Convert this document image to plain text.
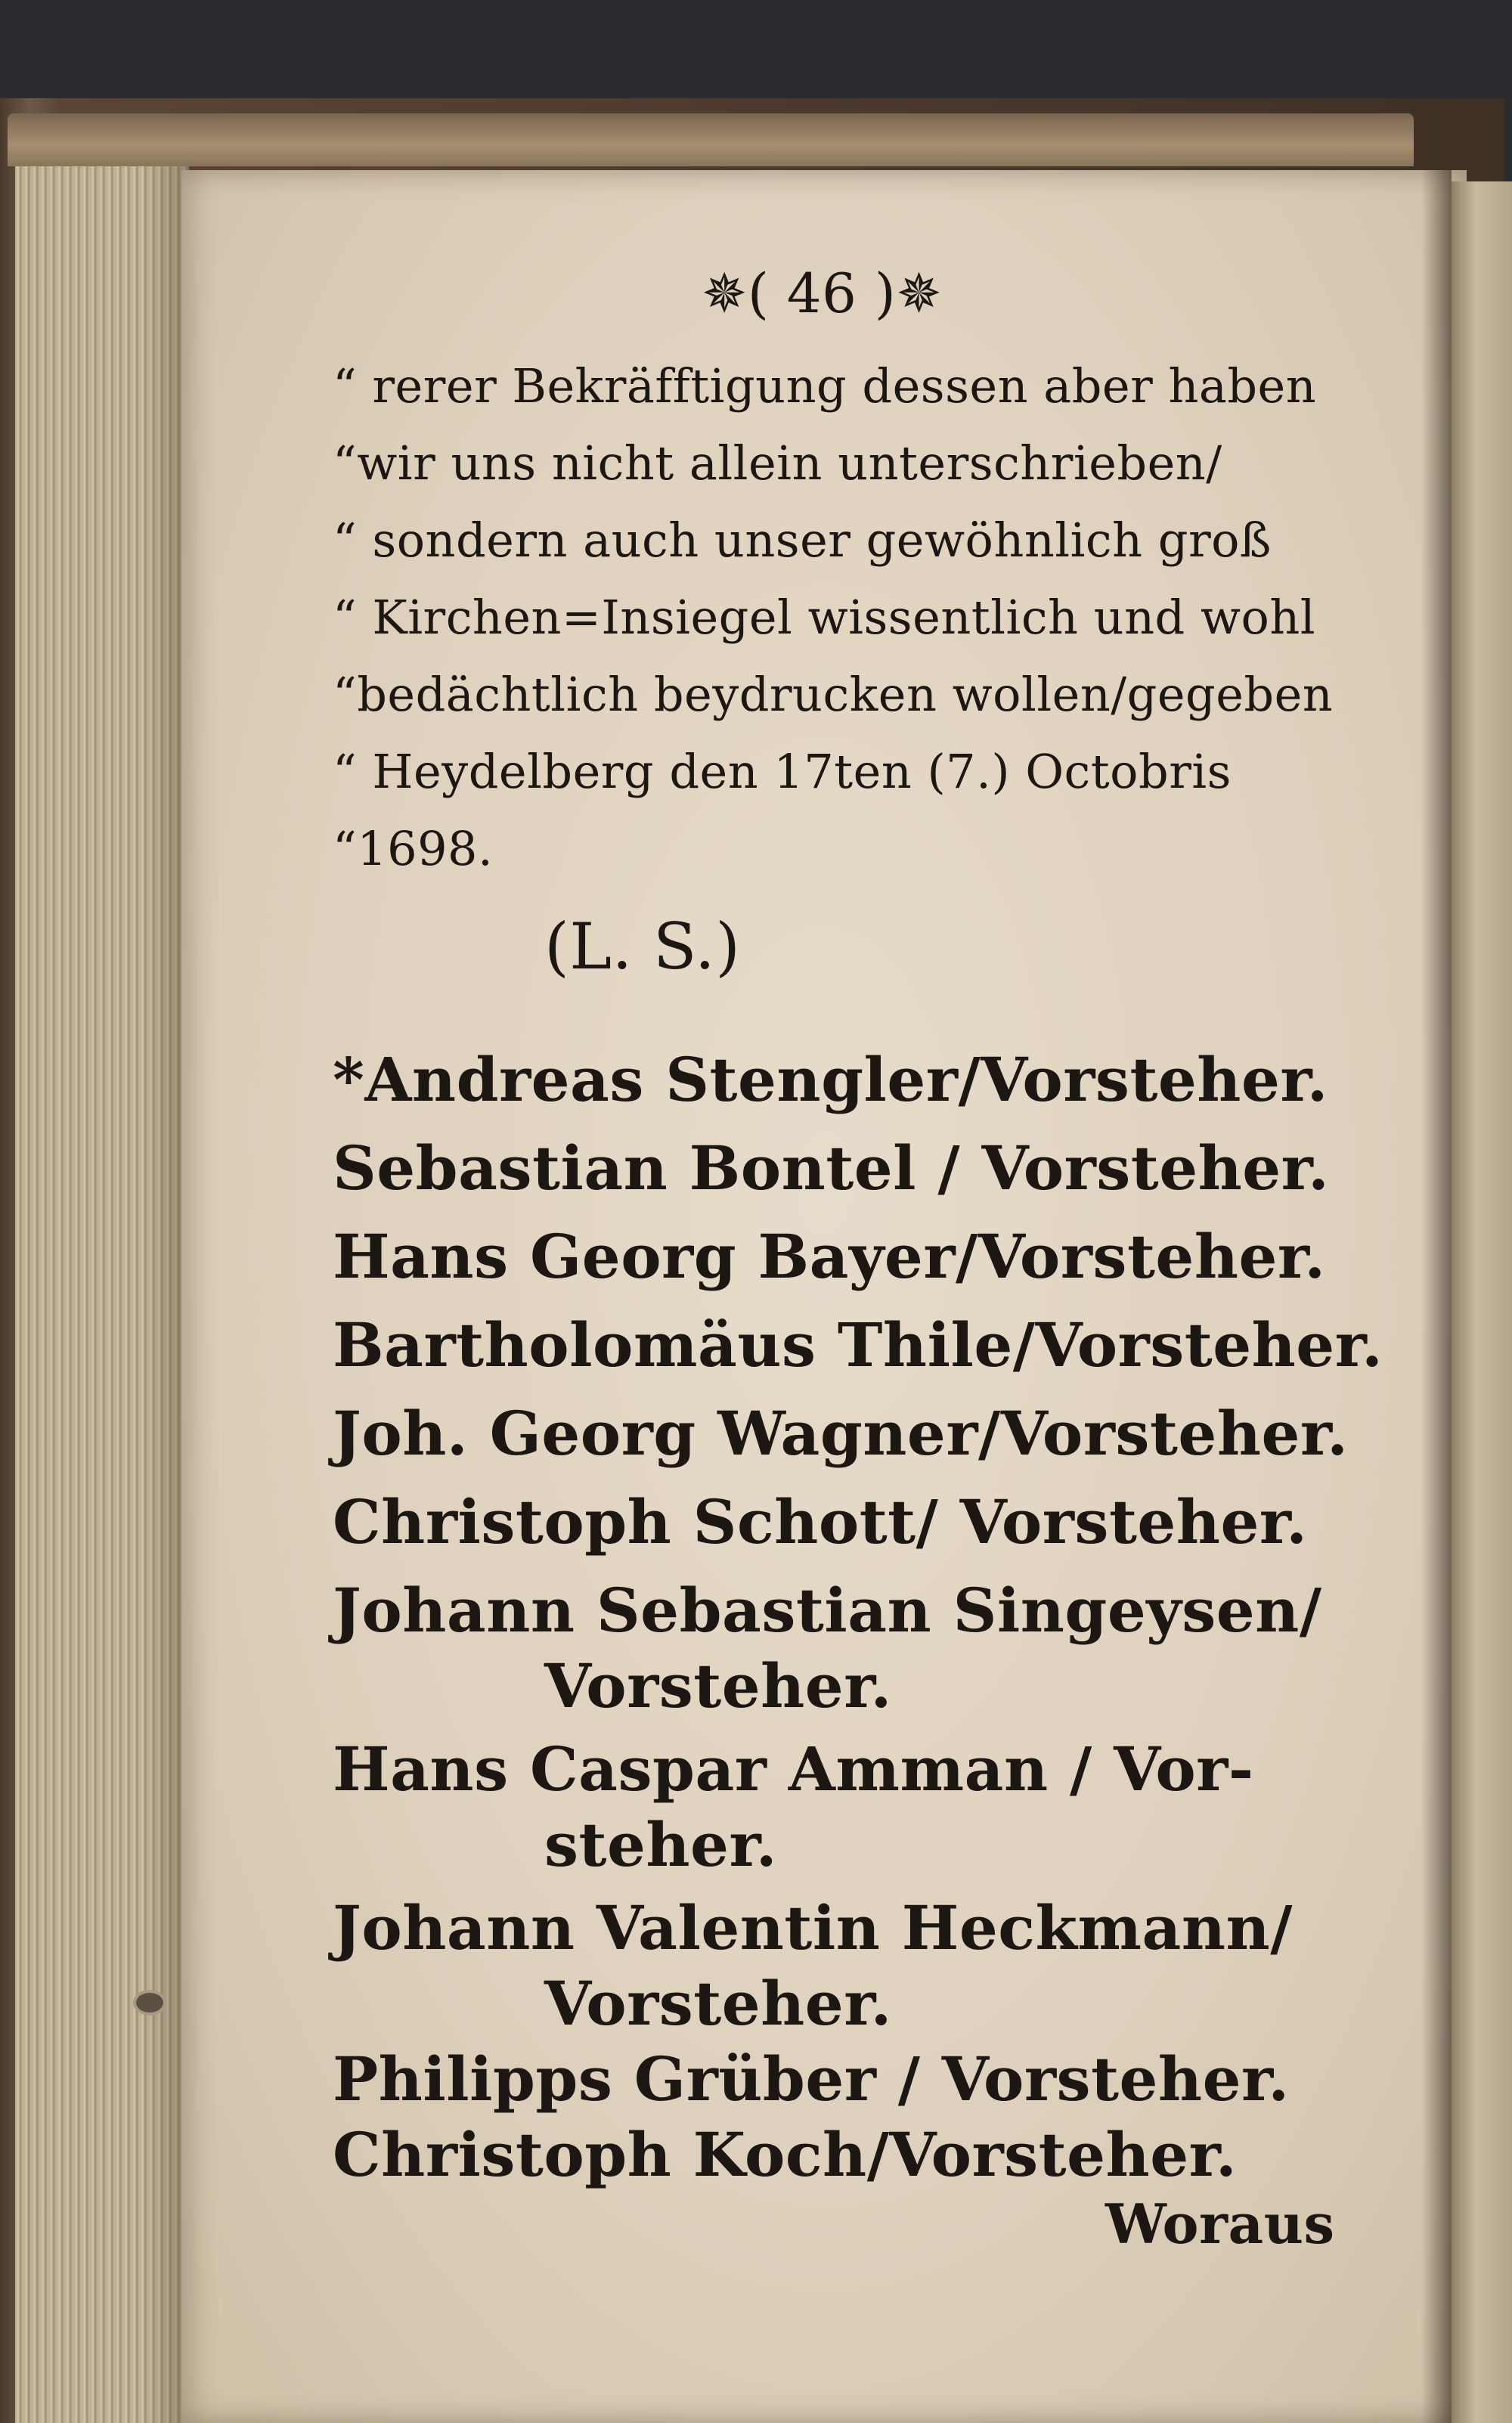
✵( 46 )✵

“ rerer Bekräfftigung dessen aber haben

“wir uns nicht allein unterschrieben/

“ sondern auch unser gewöhnlich groß

“ Kirchen=Insiegel wissentlich und wohl

“bedächtlich beydrucken wollen/gegeben

“ Heydelberg den 17ten (7.) Octobris

“1698.

(L. S.)

*Andreas Stengler/Vorsteher.

Sebastian Bontel / Vorsteher.

Hans Georg Bayer/Vorsteher.

Bartholomäus Thile/Vorsteher.

Joh. Georg Wagner/Vorsteher.

Christoph Schott/ Vorsteher.

Johann Sebastian Singeysen/

Vorsteher.

Hans Caspar Amman / Vor-

steher.

Johann Valentin Heckmann/

Vorsteher.

Philipps Grüber / Vorsteher.

Christoph Koch/Vorsteher.

Woraus
